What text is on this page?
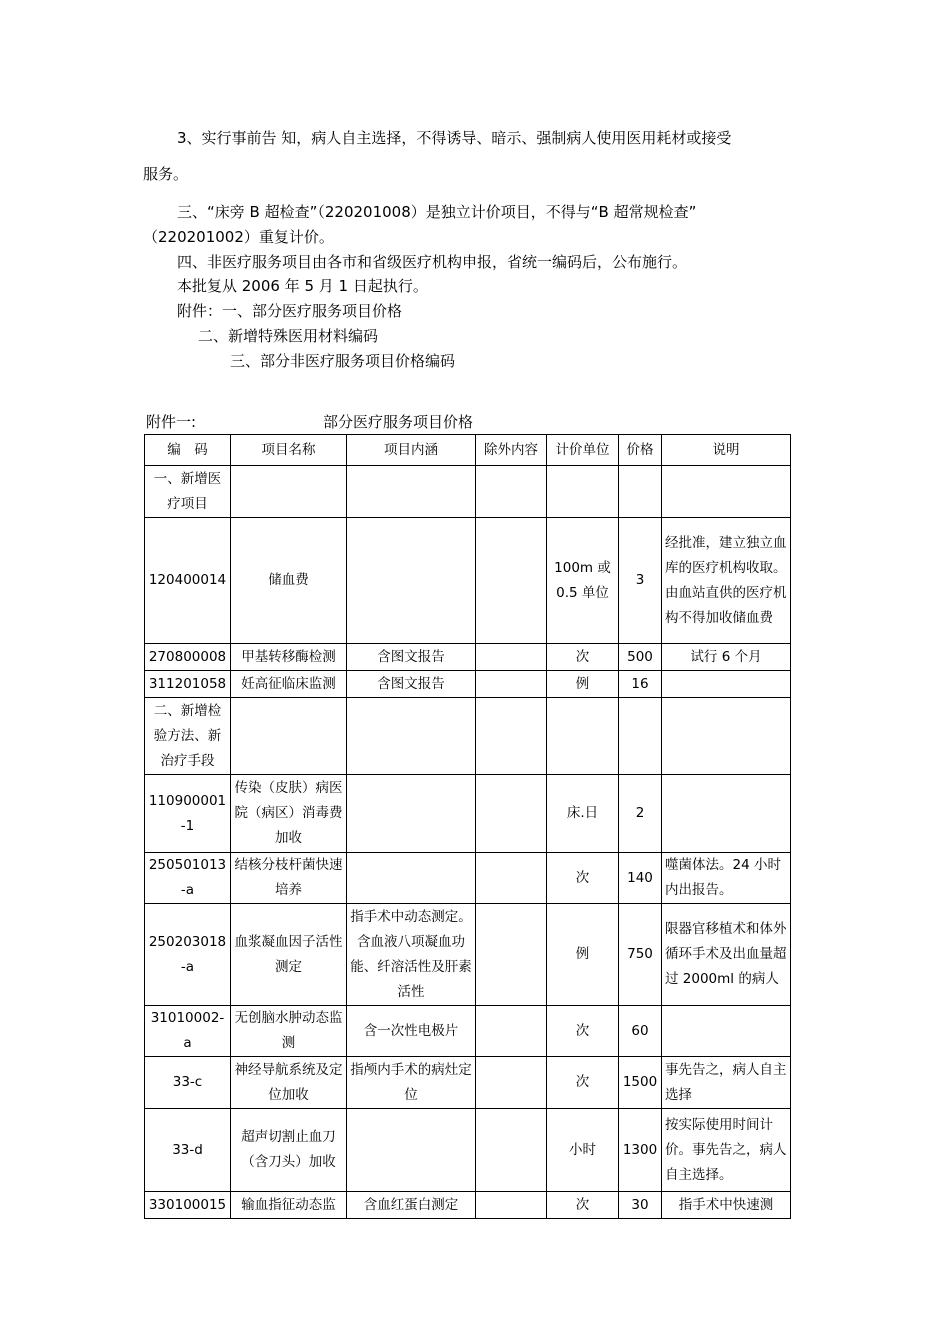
3、实行事前告 知，病人自主选择，不得诱导、暗示、强制病人使用医用耗材或接受
服务。
三、“床旁 B 超检查”（220201008）是独立计价项目，不得与“B 超常规检查”
（220201002）重复计价。
四、非医疗服务项目由各市和省级医疗机构申报，省统一编码后，公布施行。
本批复从 2006 年 5 月 1 日起执行。
附件：一、部分医疗服务项目价格
二、新增特殊医用材料编码
三、部分非医疗服务项目价格编码
附件一:	部分医疗服务项目价格
编　码	项目名称	项目内涵	除外内容	计价单位	价格	说明
一、新增医疗项目						
120400014	储血费			100m 或 0.5 单位	3	经批准，建立独立血库的医疗机构收取。由血站直供的医疗机构不得加收储血费
270800008	甲基转移酶检测	含图文报告		次	500	试行 6 个月
311201058	妊高征临床监测	含图文报告		例	16	
二、新增检验方法、新治疗手段						
110900001-1	传染（皮肤）病医院（病区）消毒费加收			床.日	2	
250501013-a	结核分枝杆菌快速培养			次	140	噬菌体法。24 小时内出报告。
250203018-a	血浆凝血因子活性测定	指手术中动态测定。含血液八项凝血功能、纤溶活性及肝素活性		例	750	限器官移植术和体外循环手术及出血量超过 2000ml 的病人
31010002-a	无创脑水肿动态监测	含一次性电极片		次	60	
33-c	神经导航系统及定位加收	指颅内手术的病灶定位		次	1500	事先告之，病人自主选择
33-d	超声切割止血刀（含刀头）加收			小时	1300	按实际使用时间计价。事先告之，病人自主选择。
330100015	输血指征动态监	含血红蛋白测定		次	30	指手术中快速测
